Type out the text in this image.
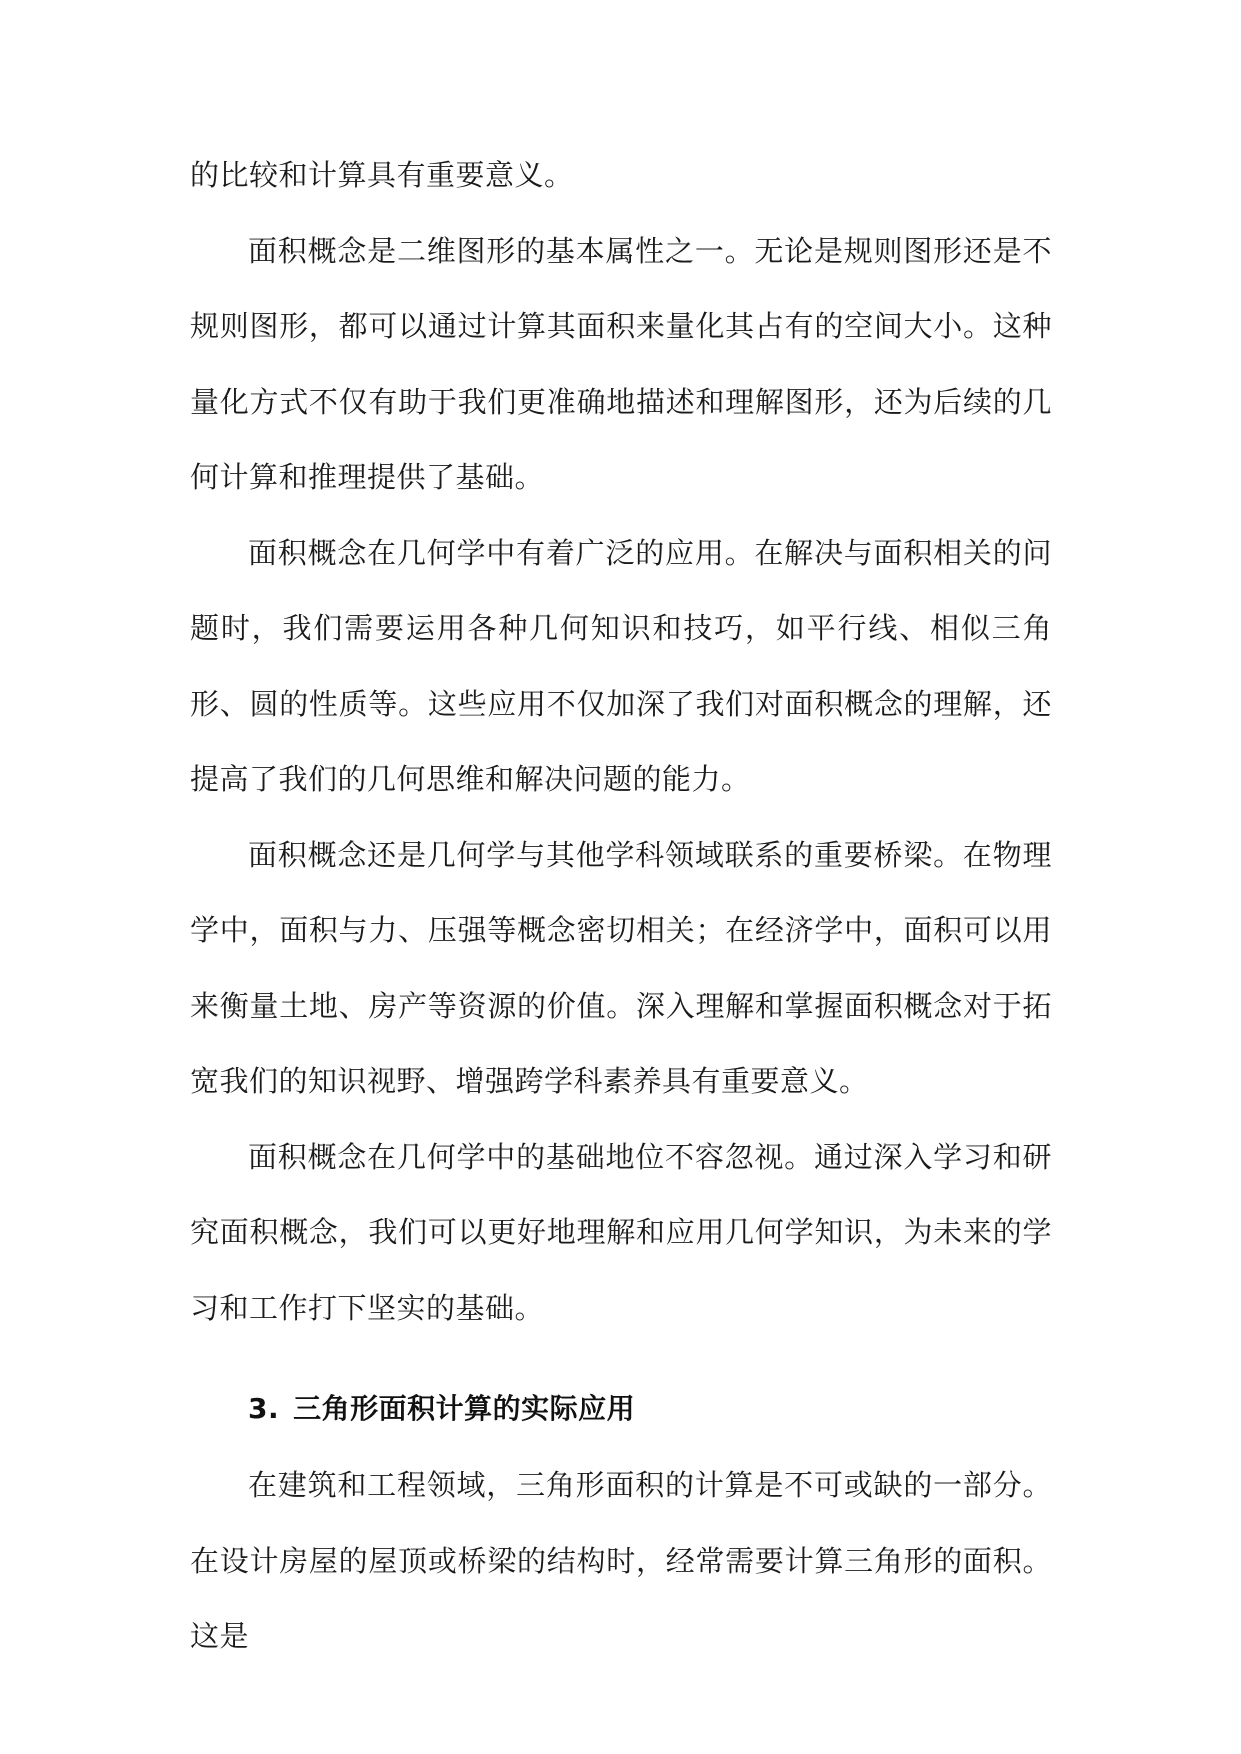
的比较和计算具有重要意义。

面积概念是二维图形的基本属性之一。无论是规则图形还是不规则图形，都可以通过计算其面积来量化其占有的空间大小。这种量化方式不仅有助于我们更准确地描述和理解图形，还为后续的几何计算和推理提供了基础。

面积概念在几何学中有着广泛的应用。在解决与面积相关的问题时，我们需要运用各种几何知识和技巧，如平行线、相似三角形、圆的性质等。这些应用不仅加深了我们对面积概念的理解，还提高了我们的几何思维和解决问题的能力。

面积概念还是几何学与其他学科领域联系的重要桥梁。在物理学中，面积与力、压强等概念密切相关；在经济学中，面积可以用来衡量土地、房产等资源的价值。深入理解和掌握面积概念对于拓宽我们的知识视野、增强跨学科素养具有重要意义。

面积概念在几何学中的基础地位不容忽视。通过深入学习和研究面积概念，我们可以更好地理解和应用几何学知识，为未来的学习和工作打下坚实的基础。

3. 三角形面积计算的实际应用

在建筑和工程领域，三角形面积的计算是不可或缺的一部分。在设计房屋的屋顶或桥梁的结构时，经常需要计算三角形的面积。这是
